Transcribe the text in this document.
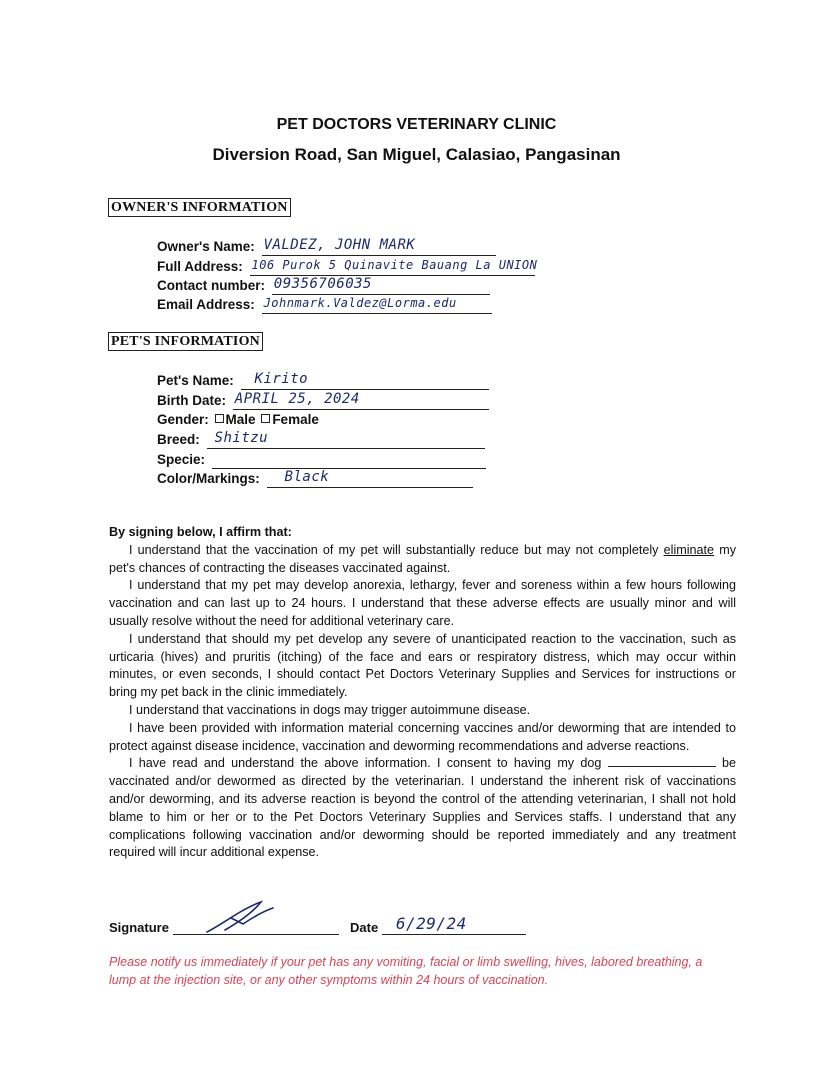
PET DOCTORS VETERINARY CLINIC
Diversion Road, San Miguel, Calasiao, Pangasinan
OWNER'S INFORMATION
Owner's Name: VALDEZ, JOHN MARK
Full Address: 106 Purok 5 Quinavite Bauang La UNION
Contact number: 09356706035
Email Address: Johnmark.Valdez@Lorma.edu
PET'S INFORMATION
Pet's Name: Kirito
Birth Date: APRIL 25, 2024
Gender: Male Female
Breed: Shitzu
Specie:
Color/Markings: Black

By signing below, I affirm that:

I understand that the vaccination of my pet will substantially reduce but may not completely eliminate my pet's chances of contracting the diseases vaccinated against.

I understand that my pet may develop anorexia, lethargy, fever and soreness within a few hours following vaccination and can last up to 24 hours. I understand that these adverse effects are usually minor and will usually resolve without the need for additional veterinary care.

I understand that should my pet develop any severe of unanticipated reaction to the vaccination, such as urticaria (hives) and pruritis (itching) of the face and ears or respiratory distress, which may occur within minutes, or even seconds, I should contact Pet Doctors Veterinary Supplies and Services for instructions or bring my pet back in the clinic immediately.

I understand that vaccinations in dogs may trigger autoimmune disease.

I have been provided with information material concerning vaccines and/or deworming that are intended to protect against disease incidence, vaccination and deworming recommendations and adverse reactions.

I have read and understand the above information. I consent to having my dog	be vaccinated and/or dewormed as directed by the veterinarian. I understand the inherent risk of vaccinations and/or deworming, and its adverse reaction is beyond the control of the attending veterinarian, I shall not hold blame to him or her or to the Pet Doctors Veterinary Supplies and Services staffs. I understand that any complications following vaccination and/or deworming should be reported immediately and any treatment required will incur additional expense.

Signature	Date 6/29/24
Please notify us immediately if your pet has any vomiting, facial or limb swelling, hives, labored breathing, a lump at the injection site, or any other symptoms within 24 hours of vaccination.
